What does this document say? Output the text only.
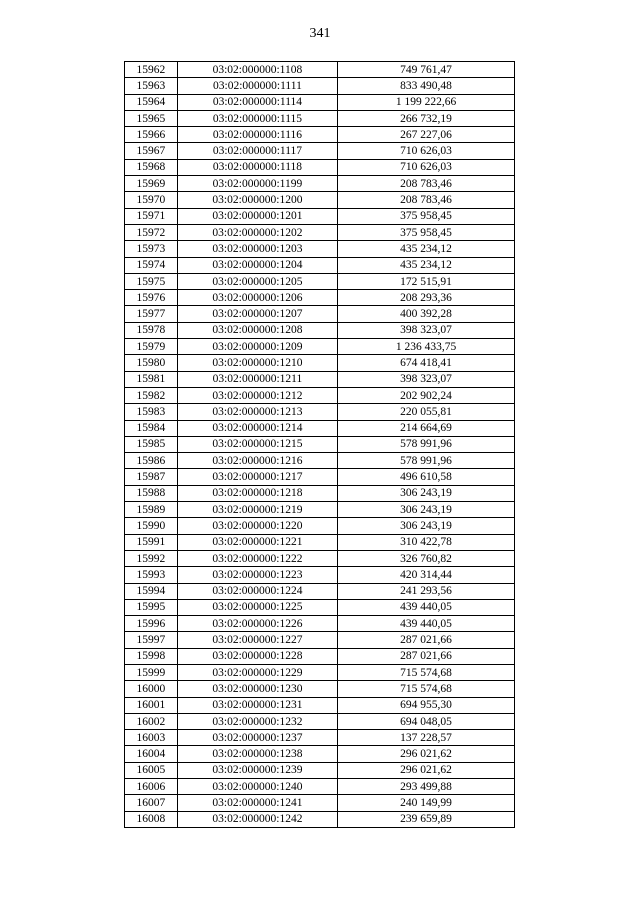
341
15962	03:02:000000:1108	749 761,47
15963	03:02:000000:1111	833 490,48
15964	03:02:000000:1114	1 199 222,66
15965	03:02:000000:1115	266 732,19
15966	03:02:000000:1116	267 227,06
15967	03:02:000000:1117	710 626,03
15968	03:02:000000:1118	710 626,03
15969	03:02:000000:1199	208 783,46
15970	03:02:000000:1200	208 783,46
15971	03:02:000000:1201	375 958,45
15972	03:02:000000:1202	375 958,45
15973	03:02:000000:1203	435 234,12
15974	03:02:000000:1204	435 234,12
15975	03:02:000000:1205	172 515,91
15976	03:02:000000:1206	208 293,36
15977	03:02:000000:1207	400 392,28
15978	03:02:000000:1208	398 323,07
15979	03:02:000000:1209	1 236 433,75
15980	03:02:000000:1210	674 418,41
15981	03:02:000000:1211	398 323,07
15982	03:02:000000:1212	202 902,24
15983	03:02:000000:1213	220 055,81
15984	03:02:000000:1214	214 664,69
15985	03:02:000000:1215	578 991,96
15986	03:02:000000:1216	578 991,96
15987	03:02:000000:1217	496 610,58
15988	03:02:000000:1218	306 243,19
15989	03:02:000000:1219	306 243,19
15990	03:02:000000:1220	306 243,19
15991	03:02:000000:1221	310 422,78
15992	03:02:000000:1222	326 760,82
15993	03:02:000000:1223	420 314,44
15994	03:02:000000:1224	241 293,56
15995	03:02:000000:1225	439 440,05
15996	03:02:000000:1226	439 440,05
15997	03:02:000000:1227	287 021,66
15998	03:02:000000:1228	287 021,66
15999	03:02:000000:1229	715 574,68
16000	03:02:000000:1230	715 574,68
16001	03:02:000000:1231	694 955,30
16002	03:02:000000:1232	694 048,05
16003	03:02:000000:1237	137 228,57
16004	03:02:000000:1238	296 021,62
16005	03:02:000000:1239	296 021,62
16006	03:02:000000:1240	293 499,88
16007	03:02:000000:1241	240 149,99
16008	03:02:000000:1242	239 659,89
